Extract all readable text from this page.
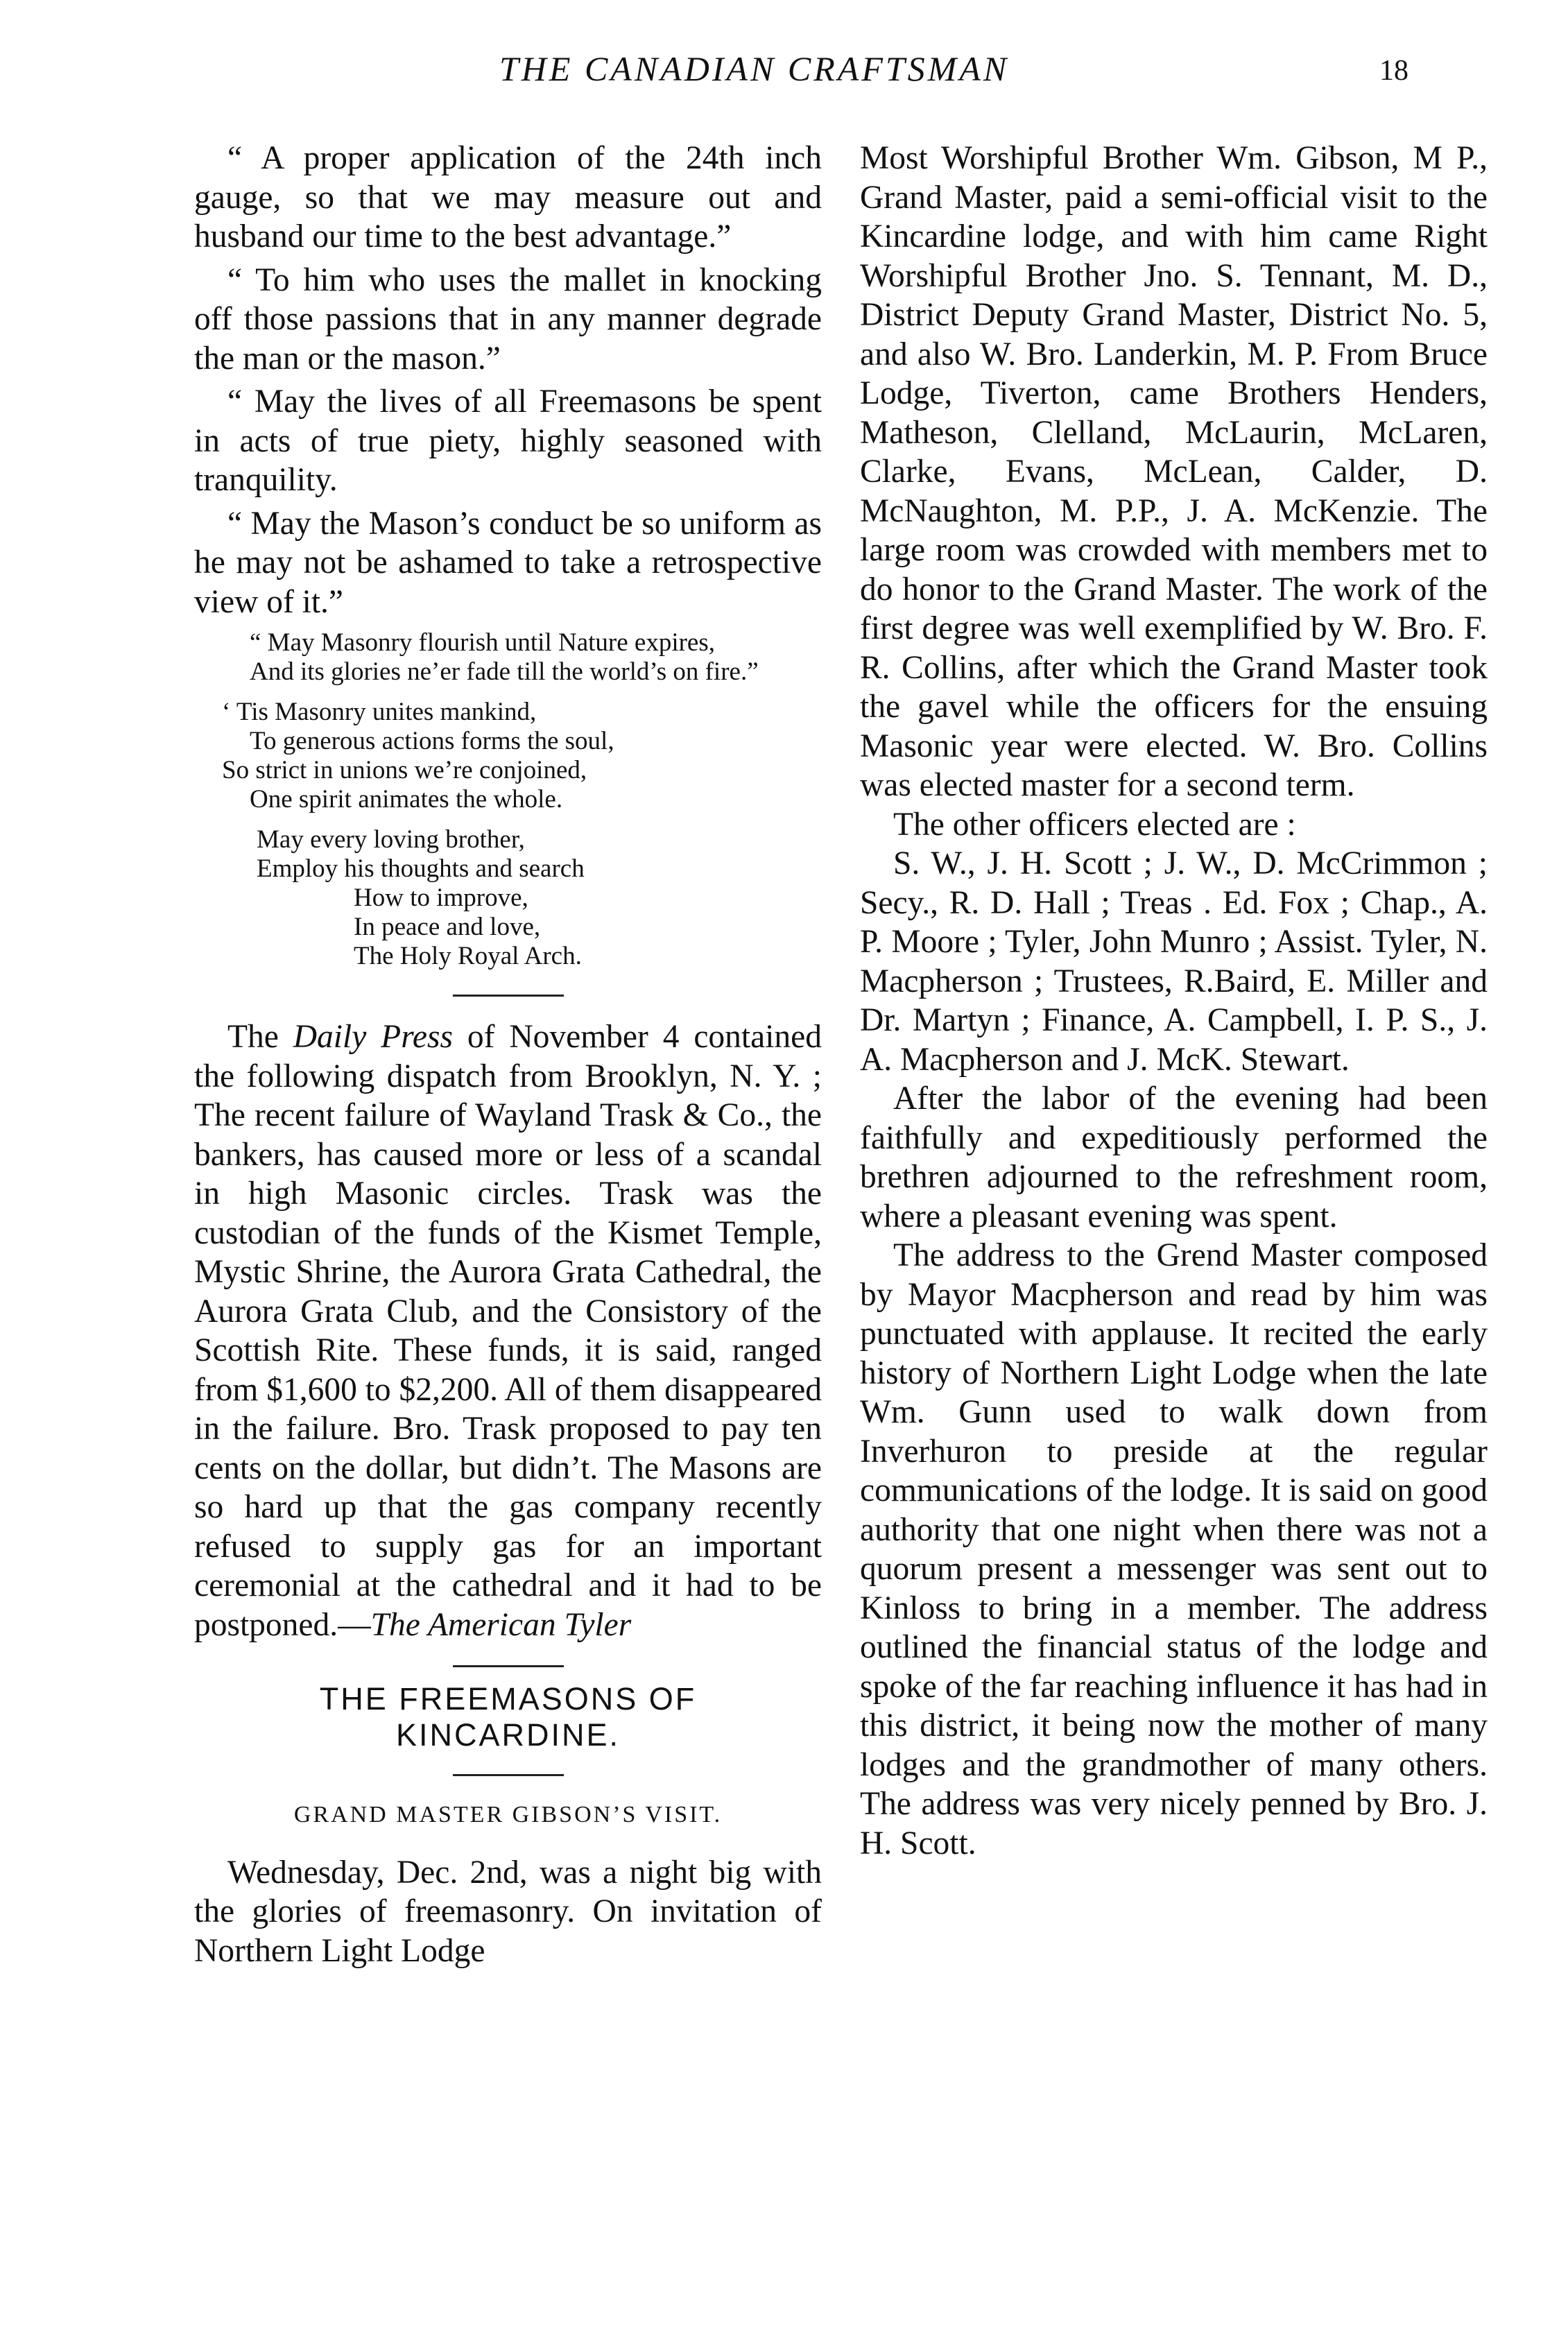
THE CANADIAN CRAFTSMAN	18

“ A proper application of the 24th inch gauge, so that we may measure out and husband our time to the best advantage.”

“ To him who uses the mallet in knocking off those passions that in any manner degrade the man or the mason.”

“ May the lives of all Freemasons be spent in acts of true piety, highly seasoned with tranquility.

“ May the Mason’s conduct be so uniform as he may not be ashamed to take a retrospective view of it.”

“ May Masonry flourish until Nature expires,
And its glories ne’er fade till the world’s on fire.”
‘ Tis Masonry unites mankind,
To generous actions forms the soul,
So strict in unions we’re conjoined,
One spirit animates the whole.
May every loving brother,
Employ his thoughts and search
How to improve,
In peace and love,
The Holy Royal Arch.

The Daily Press of November 4 contained the following dispatch from Brooklyn, N. Y. ; The recent failure of Wayland Trask & Co., the bankers, has caused more or less of a scandal in high Masonic circles. Trask was the custodian of the funds of the Kismet Temple, Mystic Shrine, the Aurora Grata Cathedral, the Aurora Grata Club, and the Consistory of the Scottish Rite. These funds, it is said, ranged from $1,600 to $2,200. All of them disappeared in the failure. Bro. Trask proposed to pay ten cents on the dollar, but didn’t. The Masons are so hard up that the gas company recently refused to supply gas for an important ceremonial at the cathedral and it had to be postponed.—The American Tyler

THE FREEMASONS OF KINCARDINE.
GRAND MASTER GIBSON’S VISIT.

Wednesday, Dec. 2nd, was a night big with the glories of freemasonry. On invitation of Northern Light Lodge

Most Worshipful Brother Wm. Gibson, M P., Grand Master, paid a semi-official visit to the Kincardine lodge, and with him came Right Worshipful Brother Jno. S. Tennant, M. D., District Deputy Grand Master, District No. 5, and also W. Bro. Landerkin, M. P. From Bruce Lodge, Tiverton, came Brothers Henders, Matheson, Clelland, McLaurin, McLaren, Clarke, Evans, McLean, Calder, D. McNaughton, M. P.P., J. A. McKenzie. The large room was crowded with members met to do honor to the Grand Master. The work of the first degree was well exemplified by W. Bro. F. R. Collins, after which the Grand Master took the gavel while the officers for the ensuing Masonic year were elected. W. Bro. Collins was elected master for a second term.

The other officers elected are :

S. W., J. H. Scott ; J. W., D. McCrimmon ; Secy., R. D. Hall ; Treas . Ed. Fox ; Chap., A. P. Moore ; Tyler, John Munro ; Assist. Tyler, N. Macpherson ; Trustees, R.Baird, E. Miller and Dr. Martyn ; Finance, A. Campbell, I. P. S., J. A. Macpherson and J. McK. Stewart.

After the labor of the evening had been faithfully and expeditiously performed the brethren adjourned to the refreshment room, where a pleasant evening was spent.

The address to the Grend Master composed by Mayor Macpherson and read by him was punctuated with applause. It recited the early history of Northern Light Lodge when the late Wm. Gunn used to walk down from Inverhuron to preside at the regular communications of the lodge. It is said on good authority that one night when there was not a quorum present a messenger was sent out to Kinloss to bring in a member. The address outlined the financial status of the lodge and spoke of the far reaching influence it has had in this district, it being now the mother of many lodges and the grandmother of many others. The address was very nicely penned by Bro. J. H. Scott.
